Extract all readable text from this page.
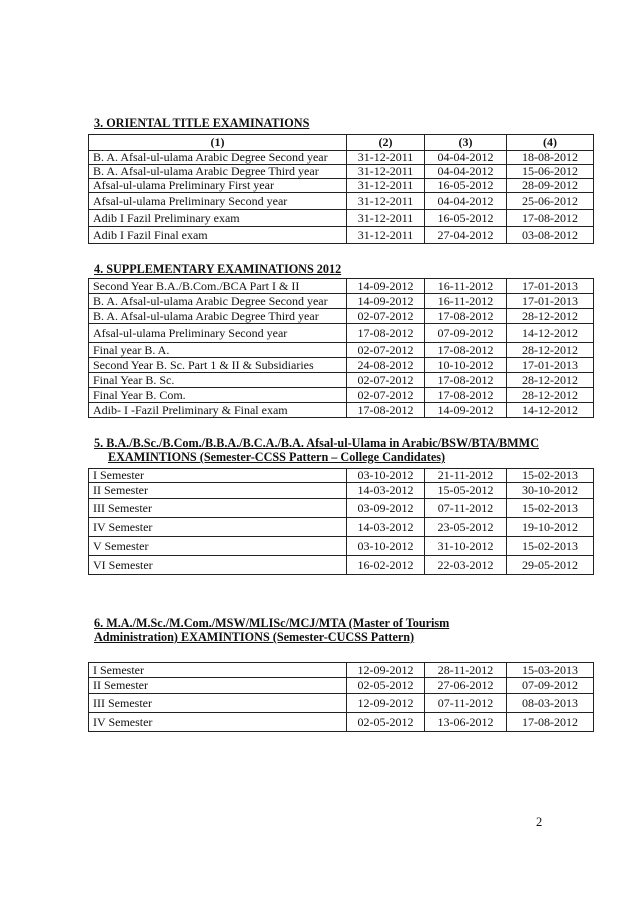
3. ORIENTAL TITLE EXAMINATIONS
(1)	(2)	(3)	(4)
B. A. Afsal-ul-ulama Arabic Degree Second year	31-12-2011	04-04-2012	18-08-2012
B. A. Afsal-ul-ulama Arabic Degree Third year	31-12-2011	04-04-2012	15-06-2012
Afsal-ul-ulama Preliminary First year	31-12-2011	16-05-2012	28-09-2012
Afsal-ul-ulama Preliminary Second year	31-12-2011	04-04-2012	25-06-2012
Adib I Fazil Preliminary exam	31-12-2011	16-05-2012	17-08-2012
Adib I Fazil Final exam	31-12-2011	27-04-2012	03-08-2012
4. SUPPLEMENTARY EXAMINATIONS 2012
Second Year B.A./B.Com./BCA Part I & II	14-09-2012	16-11-2012	17-01-2013
B. A. Afsal-ul-ulama Arabic Degree Second year	14-09-2012	16-11-2012	17-01-2013
B. A. Afsal-ul-ulama Arabic Degree Third year	02-07-2012	17-08-2012	28-12-2012
Afsal-ul-ulama Preliminary Second year	17-08-2012	07-09-2012	14-12-2012
Final year B. A.	02-07-2012	17-08-2012	28-12-2012
Second Year B. Sc. Part 1 & II & Subsidiaries	24-08-2012	10-10-2012	17-01-2013
Final Year B. Sc.	02-07-2012	17-08-2012	28-12-2012
Final Year B. Com.	02-07-2012	17-08-2012	28-12-2012
Adib- I -Fazil Preliminary & Final exam	17-08-2012	14-09-2012	14-12-2012
5. B.A./B.Sc./B.Com./B.B.A./B.C.A./B.A. Afsal-ul-Ulama in Arabic/BSW/BTA/BMMC
EXAMINTIONS (Semester-CCSS Pattern – College Candidates)
I Semester	03-10-2012	21-11-2012	15-02-2013
II Semester	14-03-2012	15-05-2012	30-10-2012
III Semester	03-09-2012	07-11-2012	15-02-2013
IV Semester	14-03-2012	23-05-2012	19-10-2012
V Semester	03-10-2012	31-10-2012	15-02-2013
VI Semester	16-02-2012	22-03-2012	29-05-2012
6. M.A./M.Sc./M.Com./MSW/MLISc/MCJ/MTA (Master of Tourism
Administration) EXAMINTIONS (Semester-CUCSS Pattern)
I Semester	12-09-2012	28-11-2012	15-03-2013
II Semester	02-05-2012	27-06-2012	07-09-2012
III Semester	12-09-2012	07-11-2012	08-03-2013
IV Semester	02-05-2012	13-06-2012	17-08-2012
2
